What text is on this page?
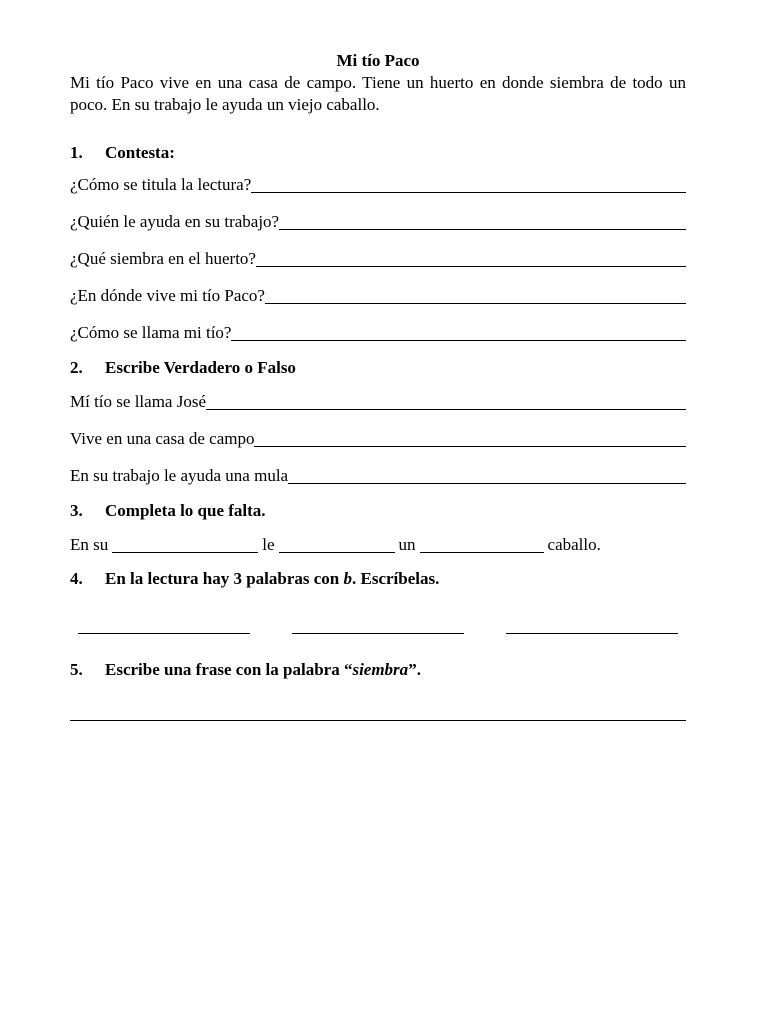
Mi tío Paco

Mi tío Paco vive en una casa de campo. Tiene un huerto en donde siembra de todo un poco. En su trabajo le ayuda un viejo caballo.

1.	Contesta:
¿Cómo se titula la lectura?
¿Quién le ayuda en su trabajo?
¿Qué siembra en el huerto?
¿En dónde vive mi tío Paco?
¿Cómo se llama mi tío?
2.	Escribe Verdadero o Falso
Mí tío se llama José
Vive en una casa de campo
En su trabajo le ayuda una mula
3.	Completa lo que falta.
En su	le	un	caballo.
4.	En la lectura hay 3 palabras con b. Escríbelas.
5.	Escribe una frase con la palabra “siembra”.
